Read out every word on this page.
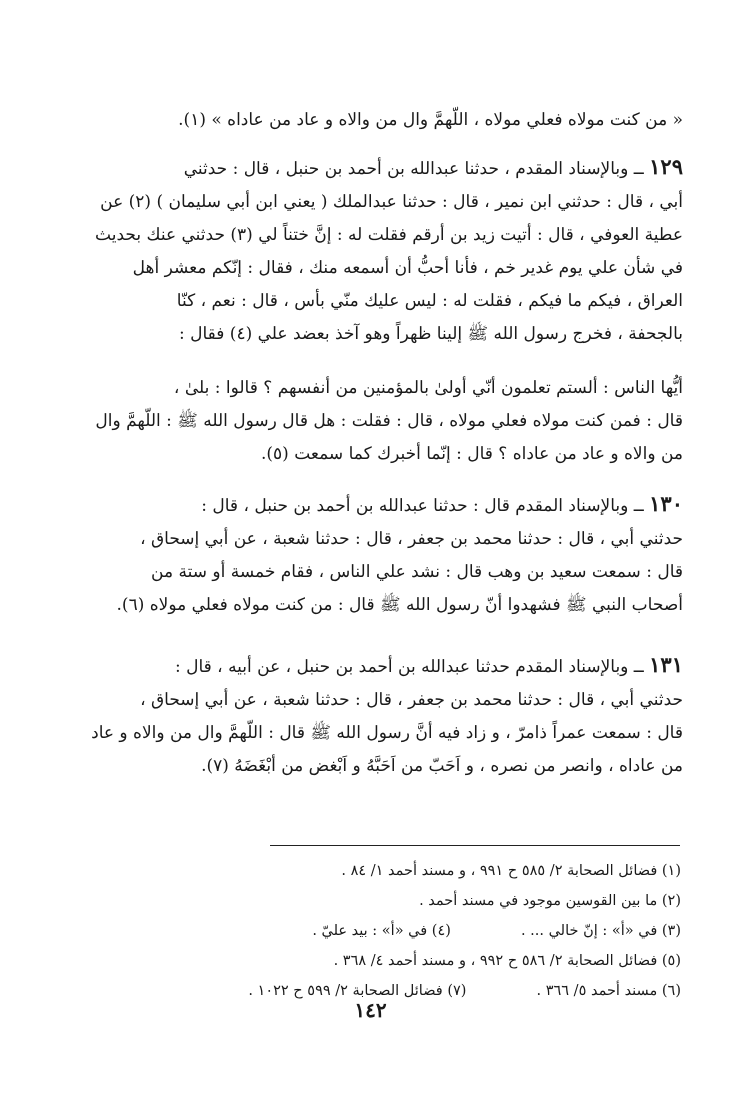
« من كنت مولاه فعلي مولاه ، اللّهمَّ وال من والاه و عاد من عاداه » (١).

١٢٩ ــ وبالإسناد المقدم ، حدثنا عبدالله بن أحمد بن حنبل ، قال : حدثني

أبي ، قال : حدثني ابن نمير ، قال : حدثنا عبدالملك ( يعني ابن أبي سليمان ) (٢) عن

عطية العوفي ، قال : أتيت زيد بن أرقم فقلت له : إنَّ ختناً لي (٣) حدثني عنك بحديث

في شأن علي يوم غدير خم ، فأنا أحبُّ أن أسمعه منك ، فقال : إنّكم معشر أهل

العراق ، فيكم ما فيكم ، فقلت له : ليس عليك منّي بأس ، قال : نعم ، كنّا

بالجحفة ، فخرج رسول الله ﷺ إلينا ظهراً وهو آخذ بعضد علي (٤) فقال :

أيُّها الناس : ألستم تعلمون أنّي أولىٰ بالمؤمنين من أنفسهم ؟ قالوا : بلىٰ ،

قال : فمن كنت مولاه فعلي مولاه ، قال : فقلت : هل قال رسول الله ﷺ : اللّهمَّ وال

من والاه و عاد من عاداه ؟ قال : إنّما أخبرك كما سمعت (٥).

١٣٠ ــ وبالإسناد المقدم قال : حدثنا عبدالله بن أحمد بن حنبل ، قال :

حدثني أبي ، قال : حدثنا محمد بن جعفر ، قال : حدثنا شعبة ، عن أبي إسحاق ،

قال : سمعت سعيد بن وهب قال : نشد علي الناس ، فقام خمسة أو ستة من

أصحاب النبي ﷺ فشهدوا أنّ رسول الله ﷺ قال : من كنت مولاه فعلي مولاه (٦).

١٣١ ــ وبالإسناد المقدم حدثنا عبدالله بن أحمد بن حنبل ، عن أبيه ، قال :

حدثني أبي ، قال : حدثنا محمد بن جعفر ، قال : حدثنا شعبة ، عن أبي إسحاق ،

قال : سمعت عمراً ذامرّ ، و زاد فيه أنَّ رسول الله ﷺ قال : اللّهمَّ وال من والاه و عاد

من عاداه ، وانصر من نصره ، و اَحَبّ من اَحَبَّهُ و اَبْغض من أبْغَضَهُ (٧).

(١) فضائل الصحابة ٢/ ٥٨٥ ح ٩٩١ ، و مسند أحمد ١/ ٨٤ .
(٢) ما بين القوسين موجود في مسند أحمد .
(٣) في «أ» : إنّ خالي ... .
(٤) في «أ» : بيد عليّ .
(٥) فضائل الصحابة ٢/ ٥٨٦ ح ٩٩٢ ، و مسند أحمد ٤/ ٣٦٨ .
(٦) مسند أحمد ٥/ ٣٦٦ .
(٧) فضائل الصحابة ٢/ ٥٩٩ ح ١٠٢٢ .
١٤٢
